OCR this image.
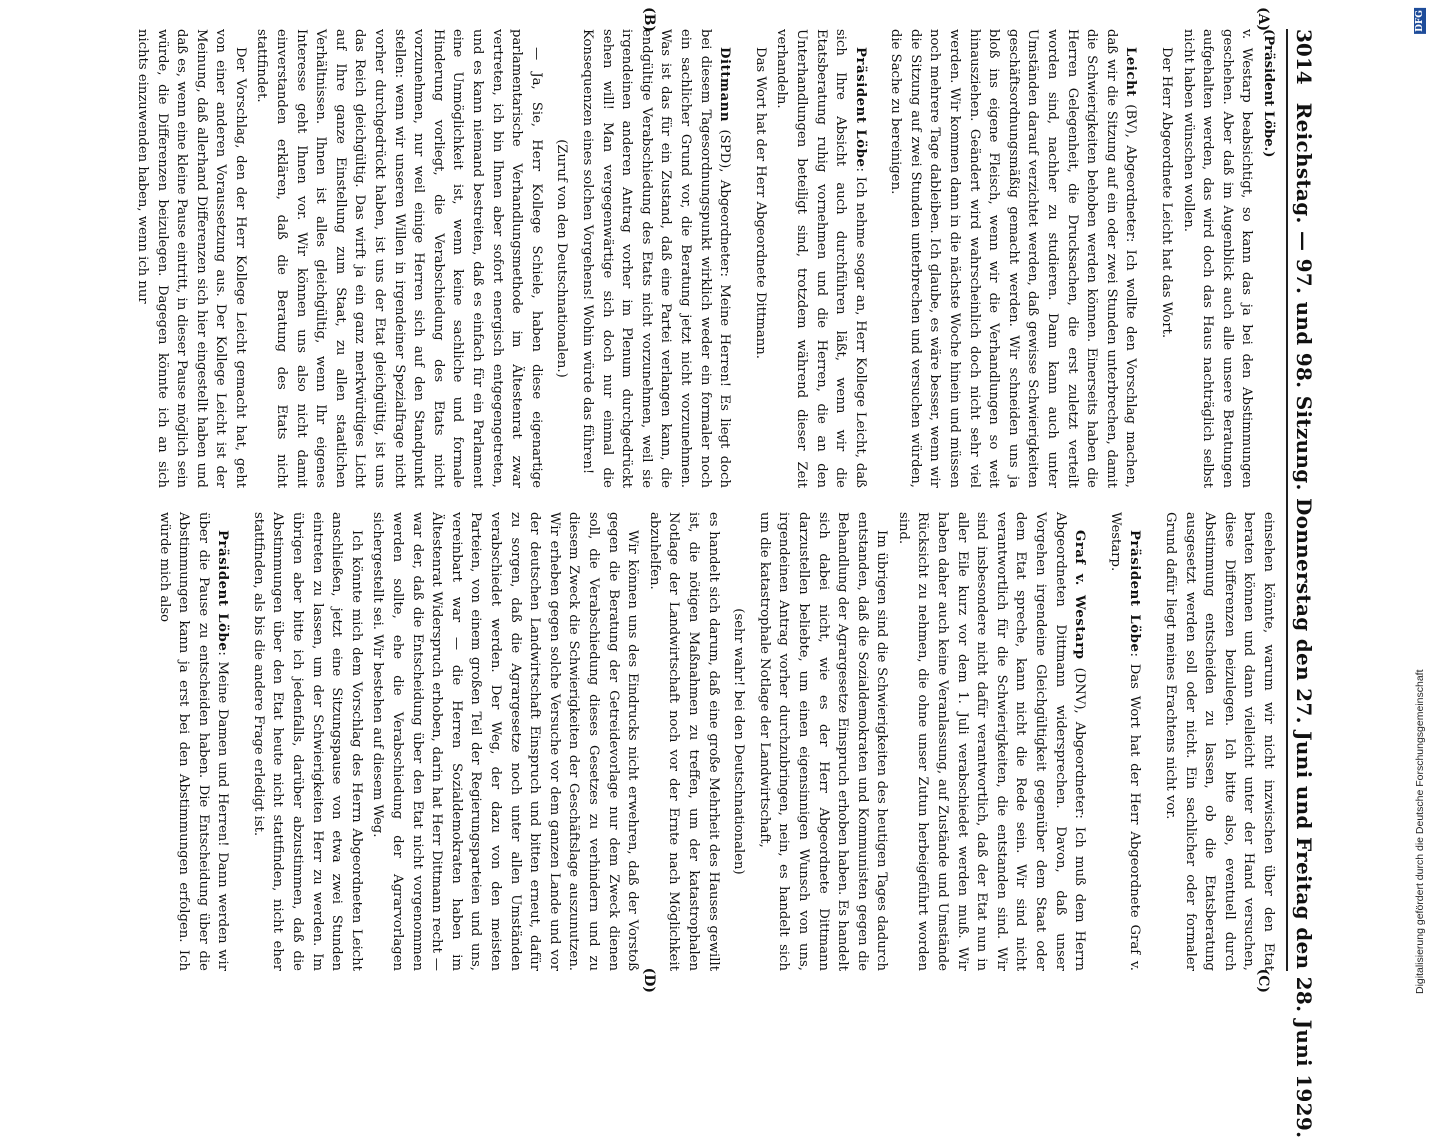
3014
Reichstag. — 97. und 98. Sitzung. Donnerstag den 27. Juni und Freitag den 28. Juni 1929.
(A)
(B)

(Präsident Löbe.)

v. Westarp beabsichtigt, so kann das ja bei den Abstimmungen geschehen. Aber daß im Augenblick auch alle unsere Beratungen aufgehalten werden, das wird doch das Haus nachträglich selbst nicht haben wünschen wollen.

Der Herr Abgeordnete Leicht hat das Wort.

Leicht (BV), Abgeordneter: Ich wollte den Vorschlag machen, daß wir die Sitzung auf ein oder zwei Stunden unterbrechen, damit die Schwierigkeiten behoben werden können. Einerseits haben die Herren Gelegenheit, die Drucksachen, die erst zuletzt verteilt worden sind, nachher zu studieren. Dann kann auch unter Umständen darauf verzichtet werden, daß gewisse Schwierigkeiten geschäftsordnungsmäßig gemacht werden. Wir schneiden uns ja bloß ins eigene Fleisch, wenn wir die Verhandlungen so weit hinausziehen. Geändert wird wahrscheinlich doch nicht sehr viel werden. Wir kommen dann in die nächste Woche hinein und müssen noch mehrere Tage dableiben. Ich glaube, es wäre besser, wenn wir die Sitzung auf zwei Stunden unterbrechen und versuchen würden, die Sache zu bereinigen.

Präsident Löbe: Ich nehme sogar an, Herr Kollege Leicht, daß sich Ihre Absicht auch durchführen läßt, wenn wir die Etatsberatung ruhig vornehmen und die Herren, die an den Unterhandlungen beteiligt sind, trotzdem während dieser Zeit verhandeln.

Das Wort hat der Herr Abgeordnete Dittmann.

Dittmann (SPD), Abgeordneter: Meine Herren! Es liegt doch bei diesem Tagesordnungspunkt wirklich weder ein formaler noch ein sachlicher Grund vor, die Beratung jetzt nicht vorzunehmen. Was ist das für ein Zustand, daß eine Partei verlangen kann, die endgültige Verabschiedung des Etats nicht vorzunehmen, weil sie irgendeinen anderen Antrag vorher im Plenum durchgedrückt sehen will! Man vergegenwärtige sich doch nur einmal die Konsequenzen eines solchen Vorgehens! Wohin würde das führen!

(Zuruf von den Deutschnationalen.)

— Ja, Sie, Herr Kollege Schiele, haben diese eigenartige parlamentarische Verhandlungsmethode im Ältestenrat zwar vertreten, ich bin Ihnen aber sofort energisch entgegengetreten, und es kann niemand bestreiten, daß es einfach für ein Parlament eine Unmöglichkeit ist, wenn keine sachliche und formale Hinderung vorliegt, die Verabschiedung des Etats nicht vorzunehmen, nur weil einige Herren sich auf den Standpunkt stellen: wenn wir unseren Willen in irgendeiner Spezialfrage nicht vorher durchgedrückt haben, ist uns der Etat gleichgültig, ist uns das Reich gleichgültig. Das wirft ja ein ganz merkwürdiges Licht auf Ihre ganze Einstellung zum Staat, zu allen staatlichen Verhältnissen. Ihnen ist alles gleichgültig, wenn Ihr eigenes Interesse geht Ihnen vor. Wir können uns also nicht damit einverstanden erklären, daß die Beratung des Etats nicht stattfindet.

Der Vorschlag, den der Herr Kollege Leicht gemacht hat, geht von einer anderen Voraussetzung aus. Der Kollege Leicht ist der Meinung, daß allerhand Differenzen sich hier eingestellt haben und daß es, wenn eine kleine Pause eintritt, in dieser Pause möglich sein würde, die Differenzen beizulegen. Dagegen könnte ich an sich nichts einzuwenden haben, wenn ich nur

(C)
(D)

einsehen könnte, warum wir nicht inzwischen über den Etat beraten können und dann vielleicht unter der Hand versuchen, diese Differenzen beizulegen. Ich bitte also, eventuell durch Abstimmung entscheiden zu lassen, ob die Etatsberatung ausgesetzt werden soll oder nicht. Ein sachlicher oder formaler Grund dafür liegt meines Erachtens nicht vor.

Präsident Löbe: Das Wort hat der Herr Abgeordnete Graf v. Westarp.

Graf v. Westarp (DNV), Abgeordneter: Ich muß dem Herrn Abgeordneten Dittmann widersprechen. Davon, daß unser Vorgehen irgendeine Gleichgültigkeit gegenüber dem Staat oder dem Etat spreche, kann nicht die Rede sein. Wir sind nicht verantwortlich für die Schwierigkeiten, die entstanden sind. Wir sind insbesondere nicht dafür verantwortlich, daß der Etat nun in aller Eile kurz vor dem 1. Juli verabschiedet werden muß. Wir haben daher auch keine Veranlassung, auf Zustände und Umstände Rücksicht zu nehmen, die ohne unser Zutun herbeigeführt worden sind.

Im übrigen sind die Schwierigkeiten des heutigen Tages dadurch entstanden, daß die Sozialdemokraten und Kommunisten gegen die Behandlung der Agrargesetze Einspruch erhoben haben. Es handelt sich dabei nicht, wie es der Herr Abgeordnete Dittmann darzustellen beliebte, um einen eigensinnigen Wunsch von uns, irgendeinen Antrag vorher durchzubringen, nein, es handelt sich um die katastrophale Notlage der Landwirtschaft,

(sehr wahr! bei den Deutschnationalen)

es handelt sich darum, daß eine große Mehrheit des Hauses gewillt ist, die nötigen Maßnahmen zu treffen, um der katastrophalen Notlage der Landwirtschaft noch vor der Ernte nach Möglichkeit abzuhelfen.

Wir können uns des Eindrucks nicht erwehren, daß der Vorstoß gegen die Beratung der Getreidevorlage nur dem Zweck dienen soll, die Verabschiedung dieses Gesetzes zu verhindern und zu diesem Zweck die Schwierigkeiten der Geschäftslage auszunutzen. Wir erheben gegen solche Versuche vor dem ganzen Lande und vor der deutschen Landwirtschaft Einspruch und bitten erneut, dafür zu sorgen, daß die Agrargesetze noch unter allen Umständen verabschiedet werden. Der Weg, der dazu von den meisten Parteien, von einem großen Teil der Regierungsparteien und uns, vereinbart war — die Herren Sozialdemokraten haben im Ältestenrat Widerspruch erhoben, darin hat Herr Dittmann recht — war der, daß die Entscheidung über den Etat nicht vorgenommen werden sollte, ehe die Verabschiedung der Agrarvorlagen sichergestellt sei. Wir bestehen auf diesem Weg.

Ich könnte mich dem Vorschlag des Herrn Abgeordneten Leicht anschließen, jetzt eine Sitzungspause von etwa zwei Stunden eintreten zu lassen, um der Schwierigkeiten Herr zu werden. Im übrigen aber bitte ich jedenfalls, darüber abzustimmen, daß die Abstimmungen über den Etat heute nicht stattfinden, nicht eher stattfinden, als bis die andere Frage erledigt ist.

Präsident Löbe: Meine Damen und Herren! Dann werden wir über die Pause zu entscheiden haben. Die Entscheidung über die Abstimmungen kann ja erst bei den Abstimmungen erfolgen. Ich würde mich also

DFG
Digitalisierung gefördert durch die Deutsche Forschungsgemeinschaft
